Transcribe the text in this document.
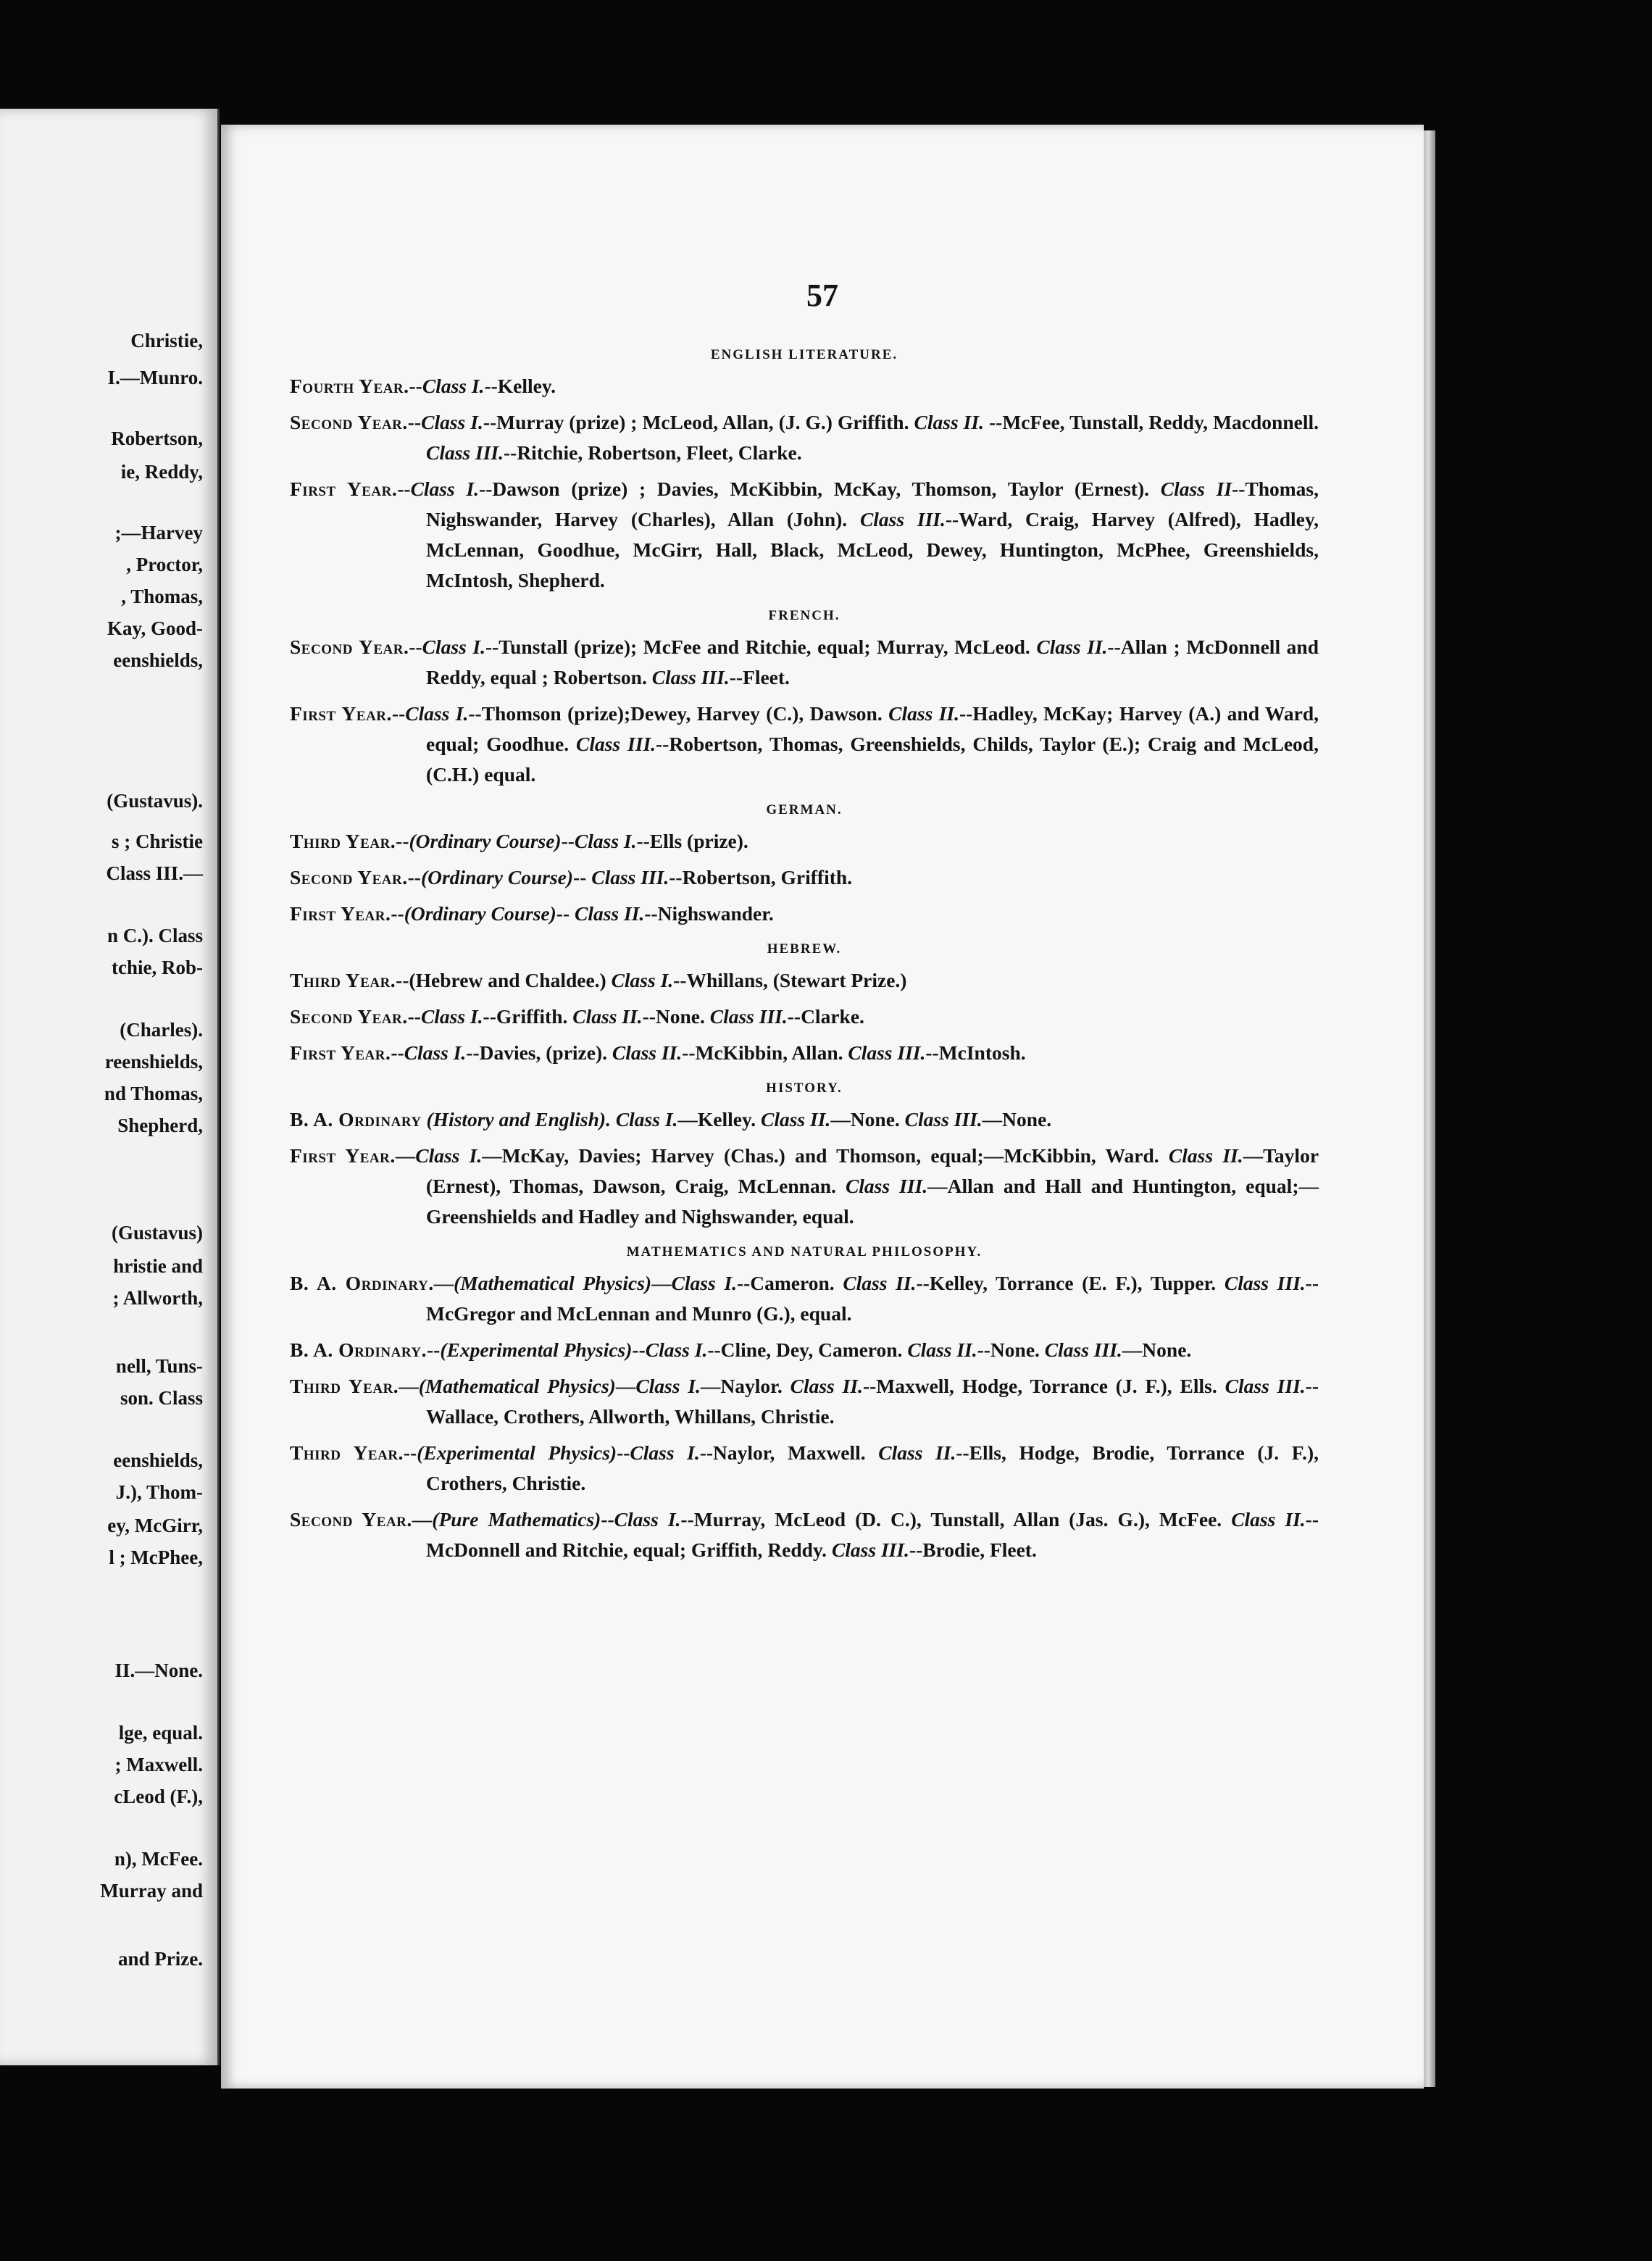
Christie,
I.—Munro.
Robertson,
ie, Reddy,
;—Harvey
, Proctor,
, Thomas,
Kay, Good-
eenshields,
(Gustavus).
s ; Christie
Class III.—
n C.). Class
tchie, Rob-
(Charles).
reenshields,
nd Thomas,
Shepherd,
(Gustavus)
hristie and
; Allworth,
nell, Tuns-
son. Class
eenshields,
J.), Thom-
ey, McGirr,
l ; McPhee,
II.—None.
lge, equal.
; Maxwell.
cLeod (F.),
n), McFee.
Murray and
and Prize.
57
ENGLISH LITERATURE.
Fourth Year.--Class I.--Kelley.
Second Year.--Class I.--Murray (prize) ; McLeod, Allan, (J. G.) Griffith. Class II. --McFee, Tunstall, Reddy, Macdonnell. Class III.--Ritchie, Robertson, Fleet, Clarke.
First Year.--Class I.--Dawson (prize) ; Davies, McKibbin, McKay, Thomson, Taylor (Ernest). Class II--Thomas, Nighswander, Harvey (Charles), Allan (John). Class III.--Ward, Craig, Harvey (Alfred), Hadley, McLennan, Goodhue, McGirr, Hall, Black, McLeod, Dewey, Huntington, McPhee, Greenshields, McIntosh, Shepherd.
FRENCH.
Second Year.--Class I.--Tunstall (prize); McFee and Ritchie, equal; Murray, McLeod. Class II.--Allan ; McDonnell and Reddy, equal ; Robertson. Class III.--Fleet.
First Year.--Class I.--Thomson (prize);Dewey, Harvey (C.), Dawson. Class II.--Hadley, McKay; Harvey (A.) and Ward, equal; Goodhue. Class III.--Robertson, Thomas, Greenshields, Childs, Taylor (E.); Craig and McLeod, (C.H.) equal.
GERMAN.
Third Year.--(Ordinary Course)--Class I.--Ells (prize).
Second Year.--(Ordinary Course)-- Class III.--Robertson, Griffith.
First Year.--(Ordinary Course)-- Class II.--Nighswander.
HEBREW.
Third Year.--(Hebrew and Chaldee.) Class I.--Whillans, (Stewart Prize.)
Second Year.--Class I.--Griffith. Class II.--None. Class III.--Clarke.
First Year.--Class I.--Davies, (prize). Class II.--McKibbin, Allan. Class III.--McIntosh.
HISTORY.
B. A. Ordinary (History and English). Class I.—Kelley. Class II.—None. Class III.—None.
First Year.—Class I.—McKay, Davies; Harvey (Chas.) and Thomson, equal;—McKibbin, Ward. Class II.—Taylor (Ernest), Thomas, Dawson, Craig, McLennan. Class III.—Allan and Hall and Huntington, equal;—Greenshields and Hadley and Nighswander, equal.
MATHEMATICS AND NATURAL PHILOSOPHY.
B. A. Ordinary.—(Mathematical Physics)—Class I.--Cameron. Class II.--Kelley, Torrance (E. F.), Tupper. Class III.--McGregor and McLennan and Munro (G.), equal.
B. A. Ordinary.--(Experimental Physics)--Class I.--Cline, Dey, Cameron. Class II.--None. Class III.—None.
Third Year.—(Mathematical Physics)—Class I.—Naylor. Class II.--Maxwell, Hodge, Torrance (J. F.), Ells. Class III.--Wallace, Crothers, Allworth, Whillans, Christie.
Third Year.--(Experimental Physics)--Class I.--Naylor, Maxwell. Class II.--Ells, Hodge, Brodie, Torrance (J. F.), Crothers, Christie.
Second Year.—(Pure Mathematics)--Class I.--Murray, McLeod (D. C.), Tunstall, Allan (Jas. G.), McFee. Class II.--McDonnell and Ritchie, equal; Griffith, Reddy. Class III.--Brodie, Fleet.
